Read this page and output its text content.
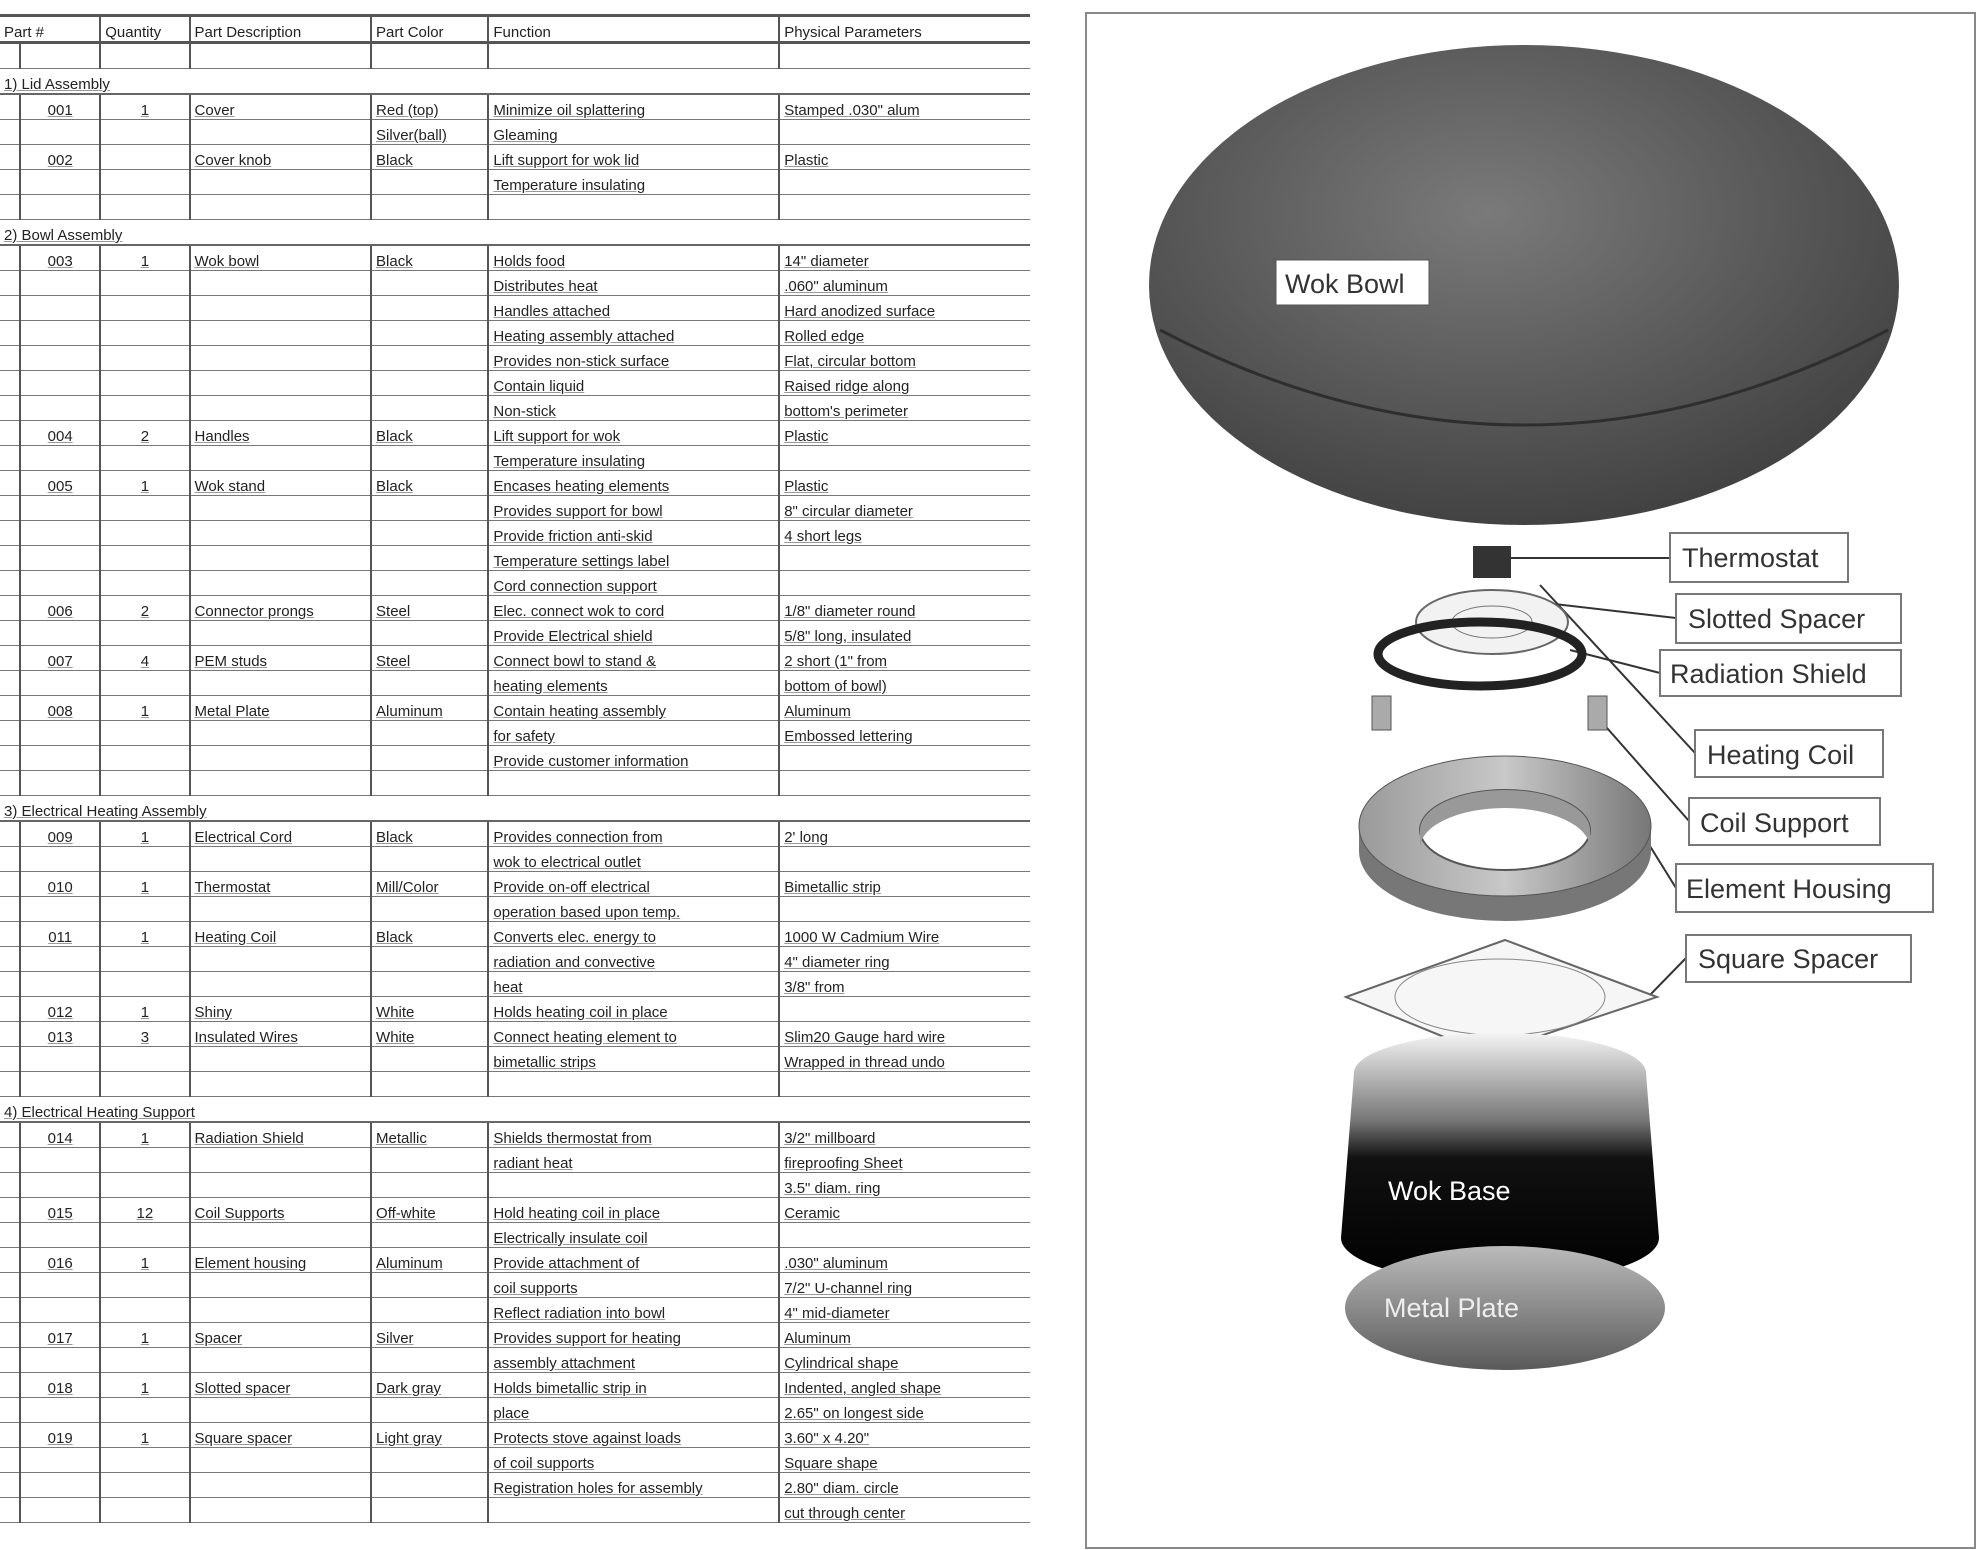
Part #		Quantity	Part Description	Part Color	Function	Physical Parameters

1) Lid Assembly						
	001	1	Cover	Red (top)	Minimize oil splattering	Stamped .030" alum
				Silver(ball)	Gleaming	
	002		Cover knob	Black	Lift support for wok lid	Plastic
					Temperature insulating	

2) Bowl Assembly						
	003	1	Wok bowl	Black	Holds food	14" diameter
					Distributes heat	.060" aluminum
					Handles attached	Hard anodized surface
					Heating assembly attached	Rolled edge
					Provides non-stick surface	Flat, circular bottom
					Contain liquid	Raised ridge along
					Non-stick	bottom's perimeter
	004	2	Handles	Black	Lift support for wok	Plastic
					Temperature insulating	
	005	1	Wok stand	Black	Encases heating elements	Plastic
					Provides support for bowl	8" circular diameter
					Provide friction anti-skid	4 short legs
					Temperature settings label	
					Cord connection support	
	006	2	Connector prongs	Steel	Elec. connect wok to cord	1/8" diameter round
					Provide Electrical shield	5/8" long, insulated
	007	4	PEM studs	Steel	Connect bowl to stand &	2 short (1" from
					heating elements	bottom of bowl)
	008	1	Metal Plate	Aluminum	Contain heating assembly	Aluminum
					for safety	Embossed lettering
					Provide customer information	

3) Electrical Heating Assembly						
	009	1	Electrical Cord	Black	Provides connection from	2' long
					wok to electrical outlet	
	010	1	Thermostat	Mill/Color	Provide on-off electrical	Bimetallic strip
					operation based upon temp.	
	011	1	Heating Coil	Black	Converts elec. energy to	1000 W Cadmium Wire
					radiation and convective	4" diameter ring
					heat	3/8" from
	012	1	Shiny	White	Holds heating coil in place	
	013	3	Insulated Wires	White	Connect heating element to	Slim20 Gauge hard wire
					bimetallic strips	Wrapped in thread undo

4) Electrical Heating Support						
	014	1	Radiation Shield	Metallic	Shields thermostat from	3/2" millboard
					radiant heat	fireproofing Sheet
						3.5" diam. ring
	015	12	Coil Supports	Off-white	Hold heating coil in place	Ceramic
					Electrically insulate coil	
	016	1	Element housing	Aluminum	Provide attachment of	.030" aluminum
					coil supports	7/2" U-channel ring
					Reflect radiation into bowl	4" mid-diameter
	017	1	Spacer	Silver	Provides support for heating	Aluminum
					assembly attachment	Cylindrical shape
	018	1	Slotted spacer	Dark gray	Holds bimetallic strip in	Indented, angled shape
					place	2.65" on longest side
	019	1	Square spacer	Light gray	Protects stove against loads	3.60" x 4.20"
					of coil supports	Square shape
					Registration holes for assembly	2.80" diam. circle
						cut through center
Wok Bowl
Wok Base
Metal Plate
Thermostat
Slotted Spacer
Radiation Shield
Heating Coil
Coil Support
Element Housing
Square Spacer
